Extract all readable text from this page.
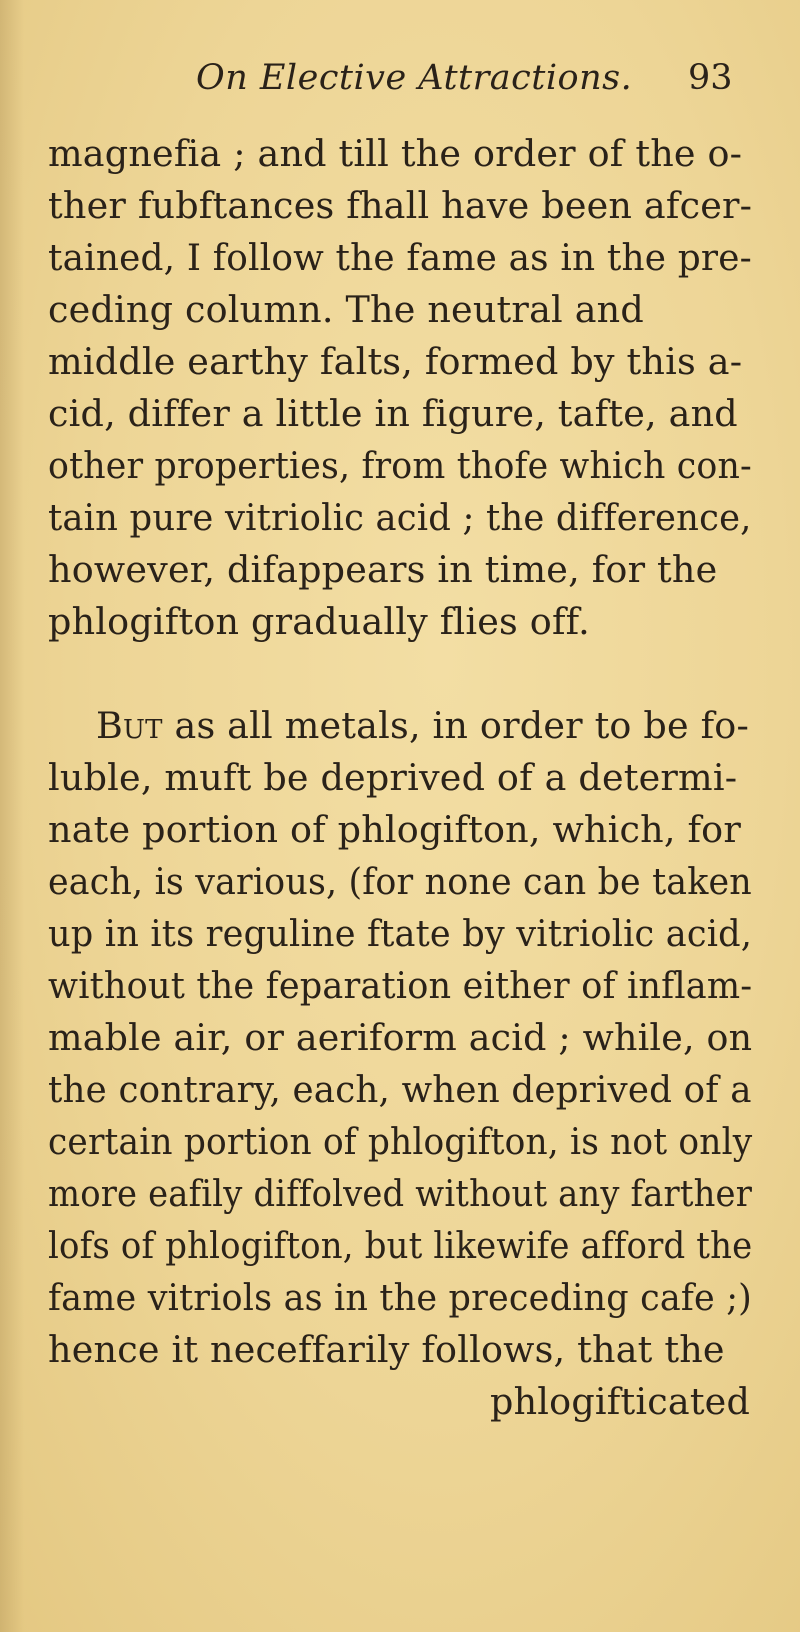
On Elective Attractions.	93
magnefia ; and till the order of the o-
ther fubftances fhall have been afcer-
tained, I follow the fame as in the pre-
ceding column. The neutral and
middle earthy falts, formed by this a-
cid, differ a little in figure, tafte, and
other properties, from thofe which con-
tain pure vitriolic acid ; the difference,
however, difappears in time, for the
phlogifton gradually flies off.
But as all metals, in order to be fo-
luble, muft be deprived of a determi-
nate portion of phlogifton, which, for
each, is various, (for none can be taken
up in its reguline ftate by vitriolic acid,
without the feparation either of inflam-
mable air, or aeriform acid ; while, on
the contrary, each, when deprived of a
certain portion of phlogifton, is not only
more eafily diffolved without any farther
lofs of phlogifton, but likewife afford the
fame vitriols as in the preceding cafe ;)
hence it neceffarily follows, that the
phlogifticated
